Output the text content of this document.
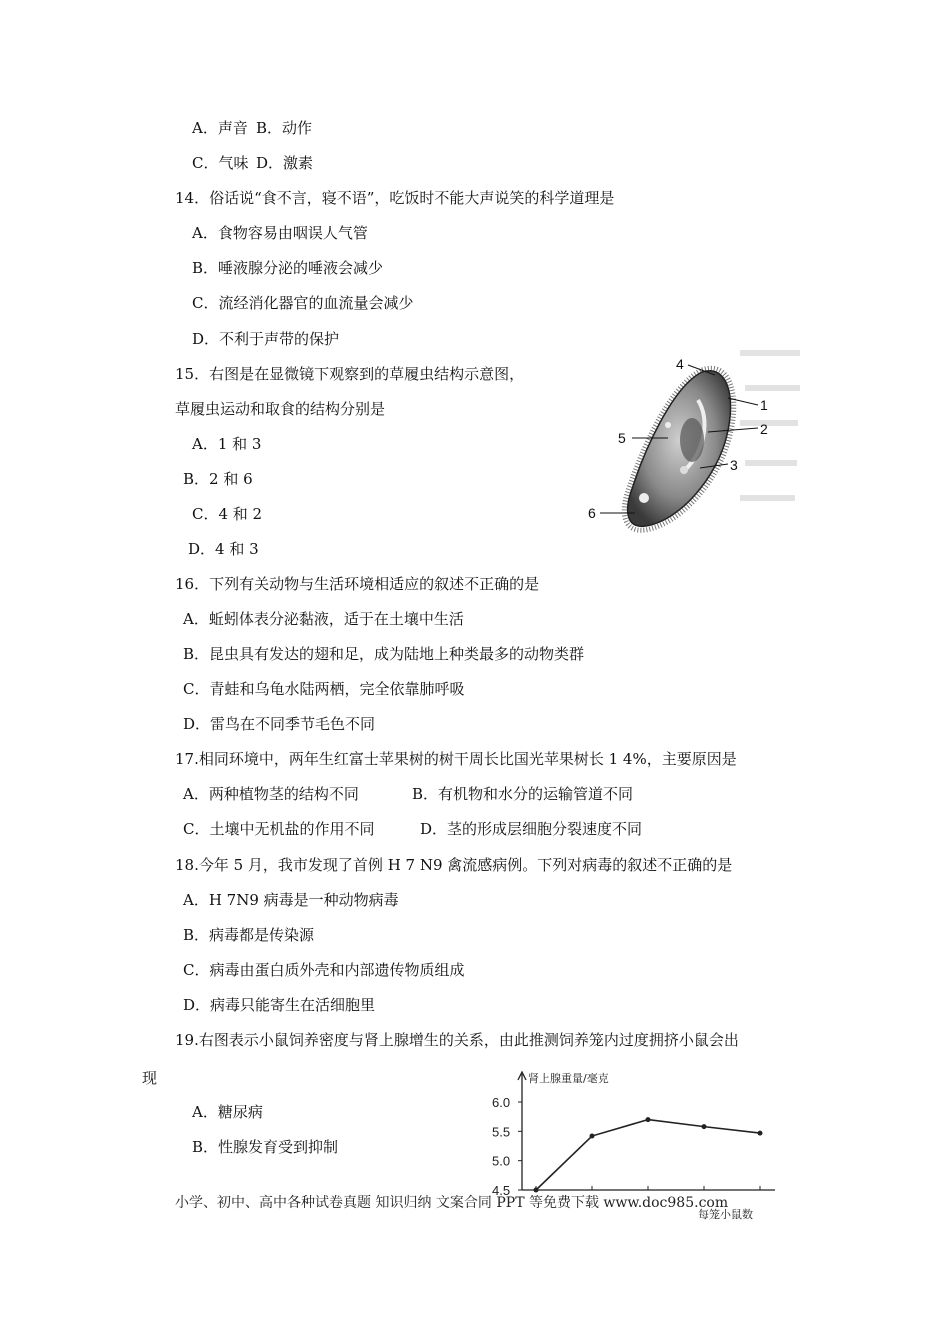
A．声音 B．动作
C．气味 D．激素
14．俗话说“食不言，寝不语”，吃饭时不能大声说笑的科学道理是
A．食物容易由咽误人气管
B．唾液腺分泌的唾液会减少
C．流经消化器官的血流量会减少
D．不利于声带的保护
15．右图是在显微镜下观察到的草履虫结构示意图，
草履虫运动和取食的结构分别是
A．1 和 3
B．2 和 6
C．4 和 2
D．4 和 3
4
1
2
3
5
6
16．下列有关动物与生活环境相适应的叙述不正确的是
A．蚯蚓体表分泌黏液，适于在土壤中生活
B．昆虫具有发达的翅和足，成为陆地上种类最多的动物类群
C．青蛙和乌龟水陆两栖，完全依靠肺呼吸
D．雷鸟在不同季节毛色不同
17.相同环境中，两年生红富士苹果树的树干周长比国光苹果树长 1 4%，主要原因是
A．两种植物茎的结构不同	B．有机物和水分的运输管道不同
C．土壤中无机盐的作用不同	D．茎的形成层细胞分裂速度不同
18.今年 5 月，我市发现了首例 H 7 N9 禽流感病例。下列对病毒的叙述不正确的是
A．H 7N9 病毒是一种动物病毒
B．病毒都是传染源
C．病毒由蛋白质外壳和内部遗传物质组成
D．病毒只能寄生在活细胞里
19.右图表示小鼠饲养密度与肾上腺增生的关系，由此推测饲养笼内过度拥挤小鼠会出
现
A．糖尿病
B．性腺发育受到抑制
肾上腺重量/毫克
每笼小鼠数
6.0
5.5
5.0
4.5
小学、初中、高中各种试卷真题 知识归纳 文案合同 PPT 等免费下载 www.doc985.com
